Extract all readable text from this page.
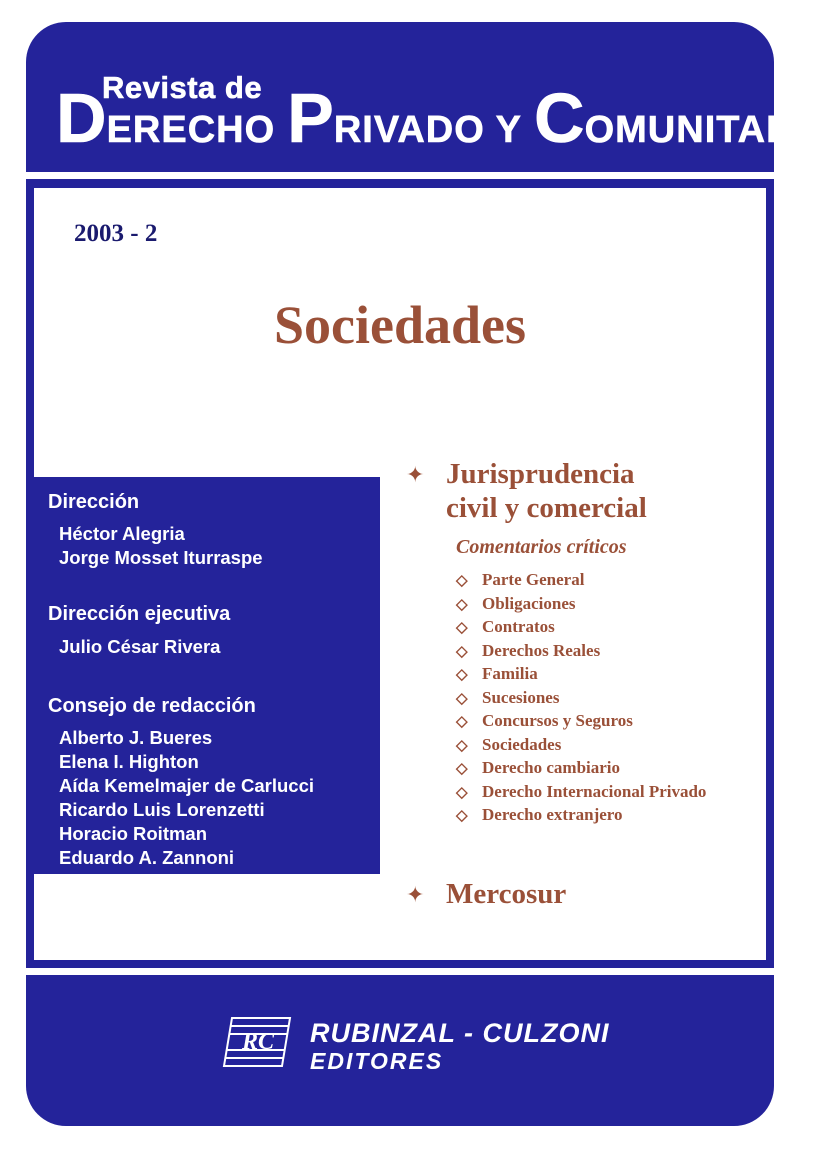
Revista de
DERECHO PRIVADO Y COMUNITARIO
2003 - 2
Sociedades
Dirección
Héctor Alegria
Jorge Mosset Iturraspe
Dirección ejecutiva
Julio César Rivera
Consejo de redacción
Alberto J. Bueres
Elena I. Highton
Aída Kemelmajer de Carlucci
Ricardo Luis Lorenzetti
Horacio Roitman
Eduardo A. Zannoni
✦ Jurisprudencia
civil y comercial
Comentarios críticos
◇ Parte General
◇ Obligaciones
◇ Contratos
◇ Derechos Reales
◇ Familia
◇ Sucesiones
◇ Concursos y Seguros
◇ Sociedades
◇ Derecho cambiario
◇ Derecho Internacional Privado
◇ Derecho extranjero
✦ Mercosur
RC RUBINZAL - CULZONI
EDITORES
